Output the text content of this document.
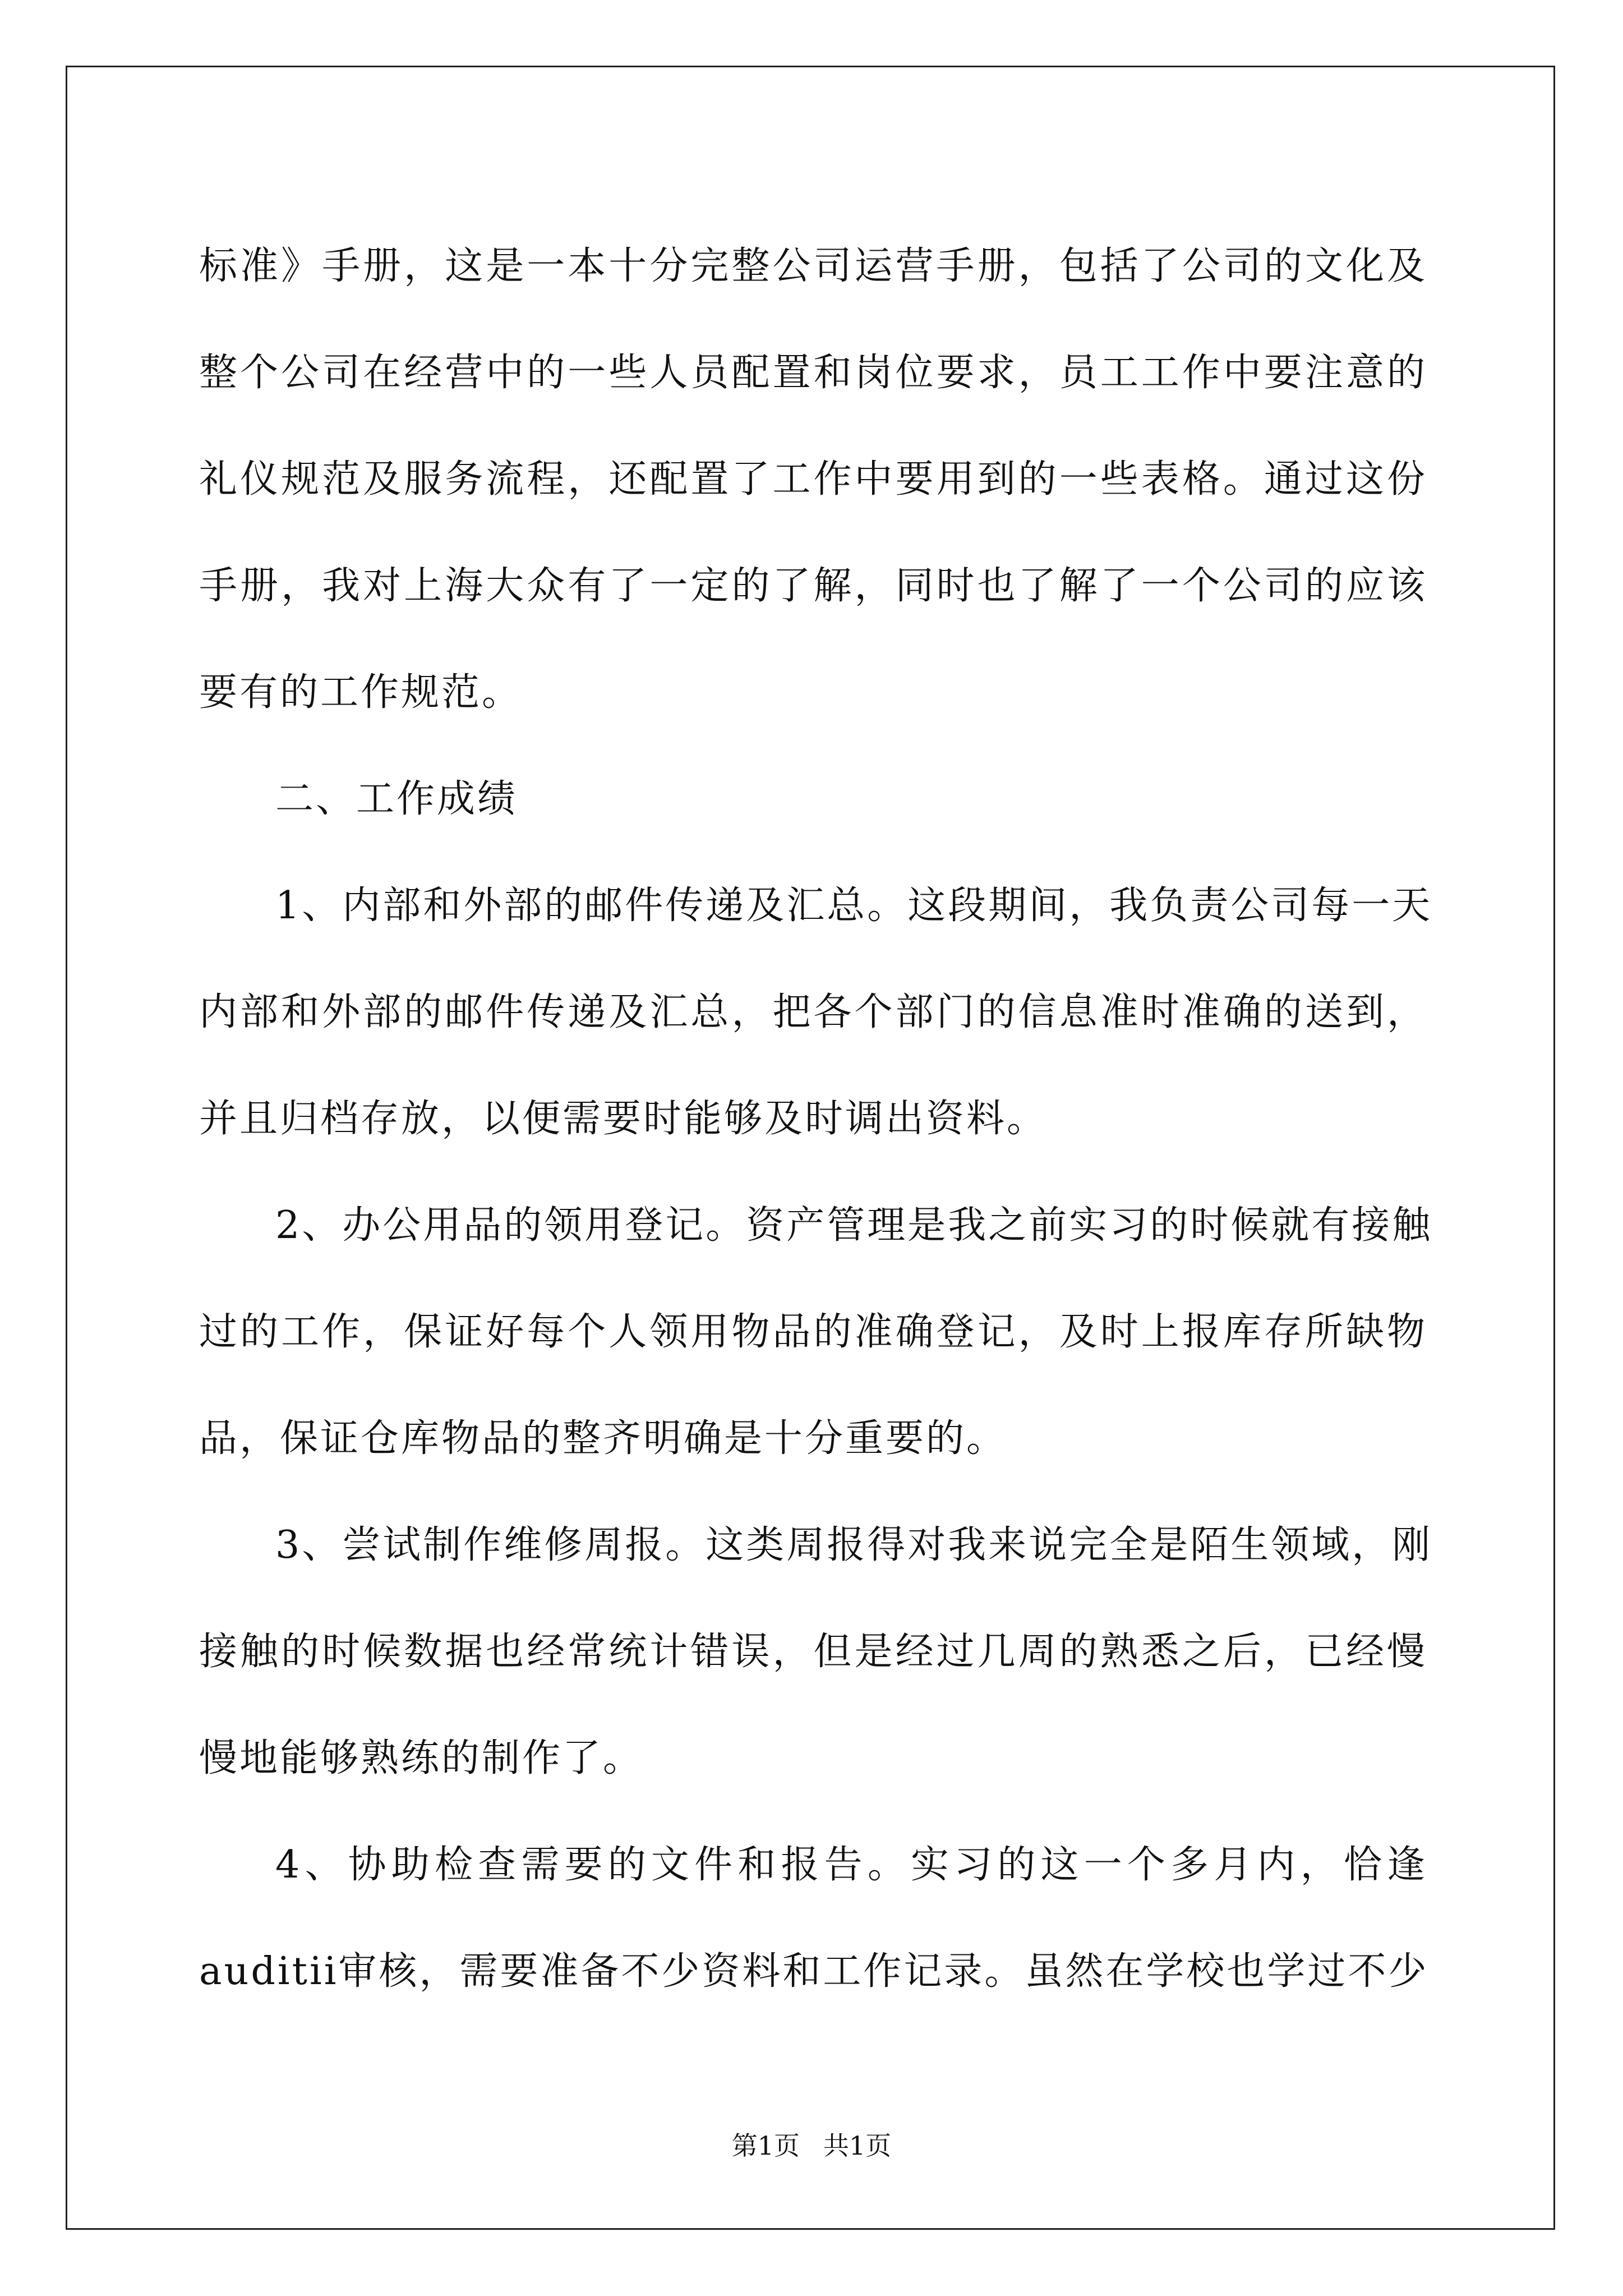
标准》手册，这是一本十分完整公司运营手册，包括了公司的文化及
整个公司在经营中的一些人员配置和岗位要求，员工工作中要注意的
礼仪规范及服务流程，还配置了工作中要用到的一些表格。通过这份
手册，我对上海大众有了一定的了解，同时也了解了一个公司的应该
要有的工作规范。
二、工作成绩
1、内部和外部的邮件传递及汇总。这段期间，我负责公司每一天
内部和外部的邮件传递及汇总，把各个部门的信息准时准确的送到，
并且归档存放，以便需要时能够及时调出资料。
2、办公用品的领用登记。资产管理是我之前实习的时候就有接触
过的工作，保证好每个人领用物品的准确登记，及时上报库存所缺物
品，保证仓库物品的整齐明确是十分重要的。
3、尝试制作维修周报。这类周报得对我来说完全是陌生领域，刚
接触的时候数据也经常统计错误，但是经过几周的熟悉之后，已经慢
慢地能够熟练的制作了。
4、协助检查需要的文件和报告。实习的这一个多月内，恰逢
auditii审核，需要准备不少资料和工作记录。虽然在学校也学过不少
第1页 共1页
